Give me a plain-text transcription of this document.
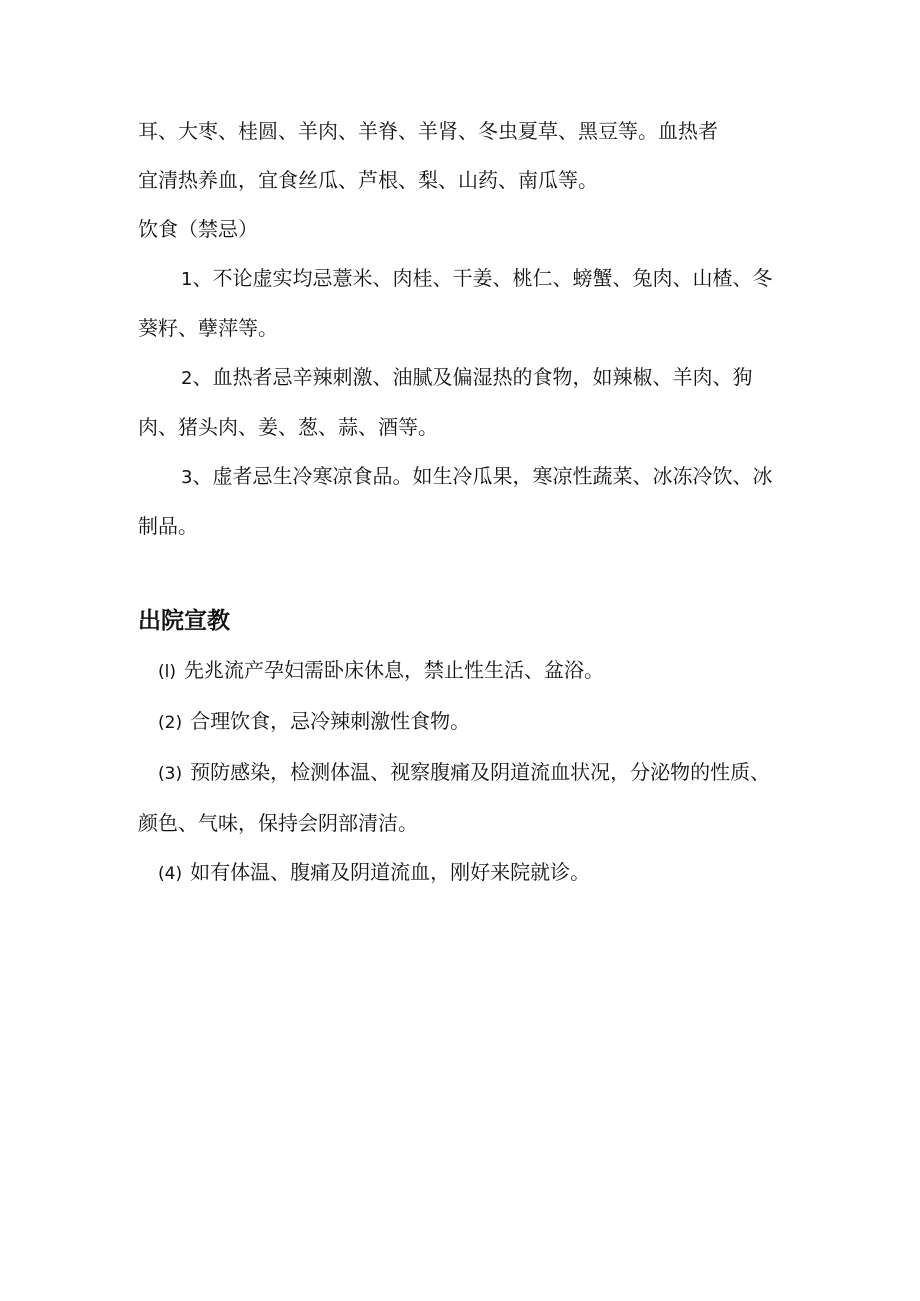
耳、大枣、桂圆、羊肉、羊脊、羊肾、冬虫夏草、黑豆等。血热者

宜清热养血，宜食丝瓜、芦根、梨、山药、南瓜等。

饮食（禁忌）

1、不论虚实均忌薏米、肉桂、干姜、桃仁、螃蟹、兔肉、山楂、冬葵籽、孽萍等。

2、血热者忌辛辣刺激、油腻及偏湿热的食物，如辣椒、羊肉、狗肉、猪头肉、姜、葱、蒜、酒等。

3、虚者忌生冷寒凉食品。如生冷瓜果，寒凉性蔬菜、冰冻冷饮、冰制品。

出院宣教

(l) 先兆流产孕妇需卧床休息，禁止性生活、盆浴。

(2) 合理饮食，忌冷辣刺激性食物。

(3) 预防感染，检测体温、视察腹痛及阴道流血状况，分泌物的性质、颜色、气味，保持会阴部清洁。

(4) 如有体温、腹痛及阴道流血，刚好来院就诊。
